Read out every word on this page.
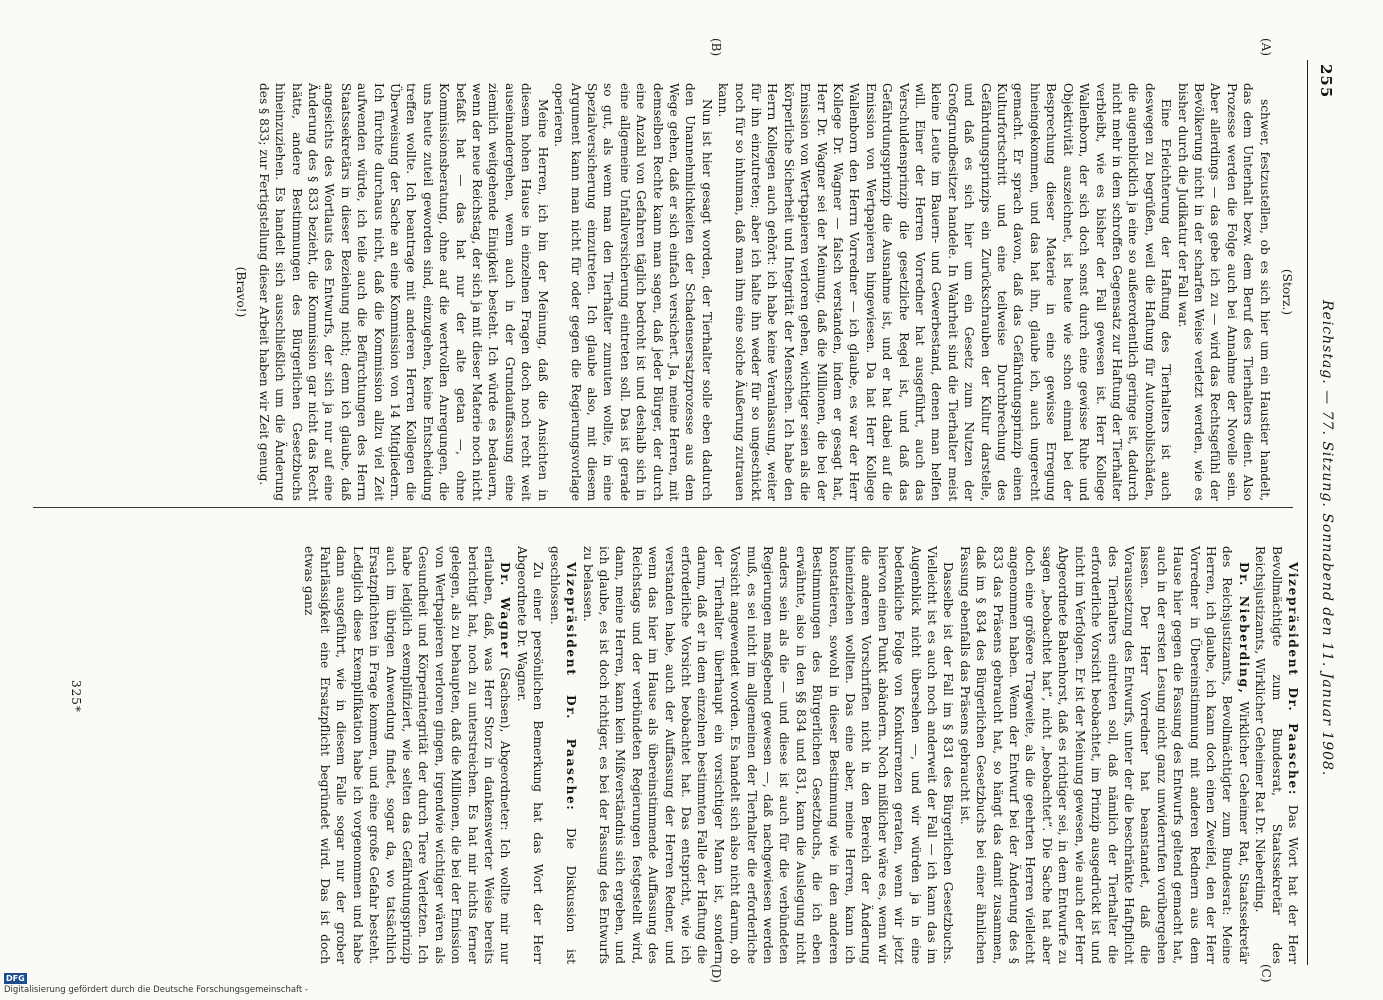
255
Reichstag. — 77. Sitzung. Sonnabend den 11. Januar 1908.
(C)
(D)
(A)
(B)

(Storz.)

schwer, festzustellen, ob es sich hier um ein Haustier handelt, das dem Unterhalt bezw. dem Beruf des Tierhalters dient. Also Prozesse werden die Folge auch bei Annahme der Novelle sein. Aber allerdings — das gebe ich zu — wird das Rechtsgefühl der Bevölkerung nicht in der scharfen Weise verletzt werden, wie es bisher durch die Judikatur der Fall war.

Eine Erleichterung der Haftung des Tierhalters ist auch deswegen zu begrüßen, weil die Haftung für Automobilschäden, die augenblicklich ja eine so außerordentlich geringe ist, dadurch nicht mehr in dem schroffen Gegensatz zur Haftung der Tierhalter verbleibt, wie es bisher der Fall gewesen ist. Herr Kollege Wallenborn, der sich doch sonst durch eine gewisse Ruhe und Objektivität auszeichnet, ist heute wie schon einmal bei der Besprechung dieser Materie in eine gewisse Erregung hineingekommen, und das hat ihn, glaube ich, auch ungerecht gemacht. Er sprach davon, daß das Gefährdungsprinzip einen Kulturfortschritt und eine teilweise Durchbrechung des Gefährdungsprinzips ein Zurückschrauben der Kultur darstelle, und daß es sich hier um ein Gesetz zum Nutzen der Großgrundbesitzer handele. In Wahrheit sind die Tierhalter meist kleine Leute im Bauern- und Gewerbestand, denen man helfen will. Einer der Herren Vorredner hat ausgeführt, auch das Verschuldensprinzip die gesetzliche Regel ist, und daß das Gefährdungsprinzip die Ausnahme ist, und er hat dabei auf die Emission von Wertpapieren hingewiesen. Da hat Herr Kollege Wallenborn den Herrn Vorredner — ich glaube, es war der Herr Kollege Dr. Wagner — falsch verstanden, indem er gesagt hat, Herr Dr. Wagner sei der Meinung, daß die Millionen, die bei der Emission von Wertpapieren verloren gehen, wichtiger seien als die körperliche Sicherheit und Integrität der Menschen. Ich habe den Herrn Kollegen auch gehört: ich habe keine Veranlassung, weiter für ihn einzutreten; aber ich halte ihn weder für so ungeschickt noch für so inhuman, daß man ihm eine solche Äußerung zutrauen kann.

Nun ist hier gesagt worden, der Tierhalter solle eben dadurch den Unannehmlichkeiten der Schadensersatzprozesse aus dem Wege gehen, daß er sich einfach versichert. Ja, meine Herren, mit demselben Rechte kann man sagen, daß jeder Bürger, der durch eine Anzahl von Gefahren täglich bedroht ist und deshalb sich in eine allgemeine Unfallversicherung eintreten soll. Das ist gerade so gut, als wenn man den Tierhalter zumuten wollte, in eine Spezialversicherung einzutreten. Ich glaube also, mit diesem Argument kann man nicht für oder gegen die Regierungsvorlage operieren.

Meine Herren, ich bin der Meinung, daß die Ansichten in diesem hohen Hause in einzelnen Fragen doch noch recht weit auseinandergehen, wenn auch in der Grundauffassung eine ziemlich weitgehende Einigkeit besteht. Ich würde es bedauern, wenn der neue Reichstag, der sich ja mit dieser Materie noch nicht befaßt hat — das hat nur der alte getan —, ohne Kommissionsberatung, ohne auf die wertvollen Anregungen, die uns heute zuteil geworden sind, einzugehen, keine Entscheidung treffen wollte. Ich beantrage mit anderen Herren Kollegen die Überweisung der Sache an eine Kommission von 14 Mitgliedern. Ich fürchte durchaus nicht, daß die Kommission allzu viel Zeit aufwenden würde, ich teile auch die Befürchtungen des Herrn Staatssekretärs in dieser Beziehung nicht; denn ich glaube, daß angesichts des Wortlauts des Entwurfs, der sich ja nur auf eine Änderung des § 833 bezieht, die Kommission gar nicht das Recht hätte, andere Bestimmungen des Bürgerlichen Gesetzbuchs hineinzuziehen. Es handelt sich ausschließlich um die Änderung des § 833; zur Fertigstellung dieser Arbeit haben wir Zeit genug.

(Bravo!)

Vizepräsident Dr. Paasche: Das Wort hat der Herr Bevollmächtigte zum Bundesrat, Staatssekretär des Reichsjustizamts, Wirklicher Geheimer Rat Dr. Nieberding.

Dr. Nieberding, Wirklicher Geheimer Rat, Staatssekretär des Reichsjustizamts, Bevollmächtigter zum Bundesrat: Meine Herren, ich glaube, ich kann doch einen Zweifel, den der Herr Vorredner in Übereinstimmung mit anderen Rednern aus dem Hause hier gegen die Fassung des Entwurfs geltend gemacht hat, auch in der ersten Lesung nicht ganz unwiderrufen vorübergehen lassen. Der Herr Vorredner hat beanstandet, daß die Voraussetzung des Entwurfs, unter der die beschränkte Haftpflicht des Tierhalters eintreten soll, daß nämlich der Tierhalter die erforderliche Vorsicht beobachtet, im Prinzip ausgedrückt ist und nicht im Verfolgen. Er ist der Meinung gewesen, wie auch der Herr Abgeordnete Bahenhorst, daß es richtiger sei, in dem Entwurfe zu sagen „beobachtet hat“, nicht „beobachtet“. Die Sache hat aber doch eine größere Tragweite, als die geehrten Herren vielleicht angenommen haben. Wenn der Entwurf bei der Änderung des § 833 das Präsens gebraucht hat, so hängt das damit zusammen, daß im § 834 des Bürgerlichen Gesetzbuchs bei einer ähnlichen Fassung ebenfalls das Präsens gebraucht ist.

Dasselbe ist der Fall im § 831 des Bürgerlichen Gesetzbuchs. Vielleicht ist es auch noch anderweit der Fall — ich kann das im Augenblick nicht übersehen —, und wir würden ja in eine bedenkliche Folge von Konkurrenzen geraten, wenn wir jetzt hiervon einen Punkt abändern. Noch mißlicher wäre es, wenn wir die anderen Vorschriften nicht in den Bereich der Änderung hineinziehen wollten. Das eine aber, meine Herren, kann ich konstatieren, sowohl in dieser Bestimmung wie in den anderen Bestimmungen des Bürgerlichen Gesetzbuchs, die ich eben erwähnte, also in den §§ 834 und 831, kann die Auslegung nicht anders sein als die — und diese ist auch für die verbündeten Regierungen maßgebend gewesen —, daß nachgewiesen werden muß, es sei nicht im allgemeinen der Tierhalter die erforderliche Vorsicht angewendet worden. Es handelt sich also nicht darum, ob der Tierhalter überhaupt ein vorsichtiger Mann ist, sondern darum, daß er in dem einzelnen bestimmten Falle der Haftung die erforderliche Vorsicht beobachtet hat. Das entspricht, wie ich verstanden habe, auch der Auffassung der Herren Redner, und wenn das hier im Hause als übereinstimmende Auffassung des Reichstags und der verbündeten Regierungen festgestellt wird, dann, meine Herren, kann kein Mißverständnis sich ergeben, und ich glaube, es ist doch richtiger, es bei der Fassung des Entwurfs zu belassen.

Vizepräsident Dr. Paasche: Die Diskussion ist geschlossen.

Zu einer persönlichen Bemerkung hat das Wort der Herr Abgeordnete Dr. Wagner.

Dr. Wagner (Sachsen), Abgeordneter: Ich wollte mir nur erlauben, daß, was Herr Storz in dankenswerter Weise bereits berichtigt hat, noch zu unterstreichen. Es hat mir nichts ferner gelegen, als zu behaupten, daß die Millionen, die bei der Emission von Wertpapieren verloren gingen, irgendwie wichtiger wären als Gesundheit und Körperintegrität der durch Tiere Verletzten. Ich habe lediglich exemplifiziert, wie selten das Gefährdungsprinzip auch im übrigen Anwendung findet, sogar da, wo tatsächlich Ersatzpflichten in Frage kommen, und eine große Gefahr besteht. Lediglich diese Exemplifikation habe ich vorgenommen und habe dann ausgeführt, wie in diesem Falle sogar nur der grober Fahrlässigkeit eine Ersatzpflicht begründet wird. Das ist doch etwas ganz

325*
DFG
Digitalisierung gefördert durch die Deutsche Forschungsgemeinschaft -
